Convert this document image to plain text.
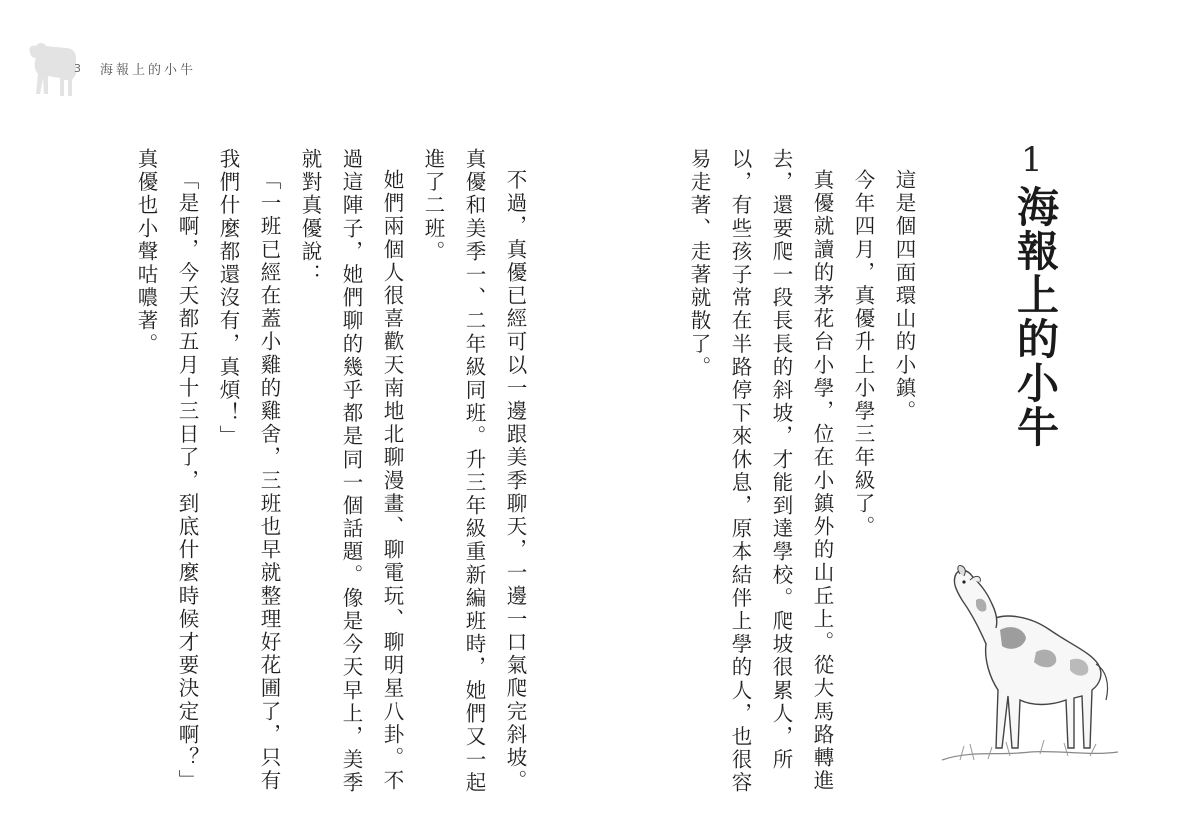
3 海報上的小牛

不過，真優已經可以一邊跟美季聊天，一邊一口氣爬完斜坡。真優和美季一、二年級同班。升三年級重新編班時，她們又一起進了二班。

她們兩個人很喜歡天南地北聊漫畫、聊電玩、聊明星八卦。不過這陣子，她們聊的幾乎都是同一個話題。像是今天早上，美季就對真優說：

「一班已經在蓋小雞的雞舍，三班也早就整理好花圃了，只有我們什麼都還沒有，真煩！」

「是啊，今天都五月十三日了，到底什麼時候才要決定啊？」真優也小聲咕噥著。	這是個四面環山的小鎮。

今年四月，真優升上小學三年級了。

真優就讀的茅花台小學，位在小鎮外的山丘上。從大馬路轉進去，還要爬一段長長的斜坡，才能到達學校。爬坡很累人，所以，有些孩子常在半路停下來休息，原本結伴上學的人，也很容易走著、走著就散了。	1
海報上的小牛
